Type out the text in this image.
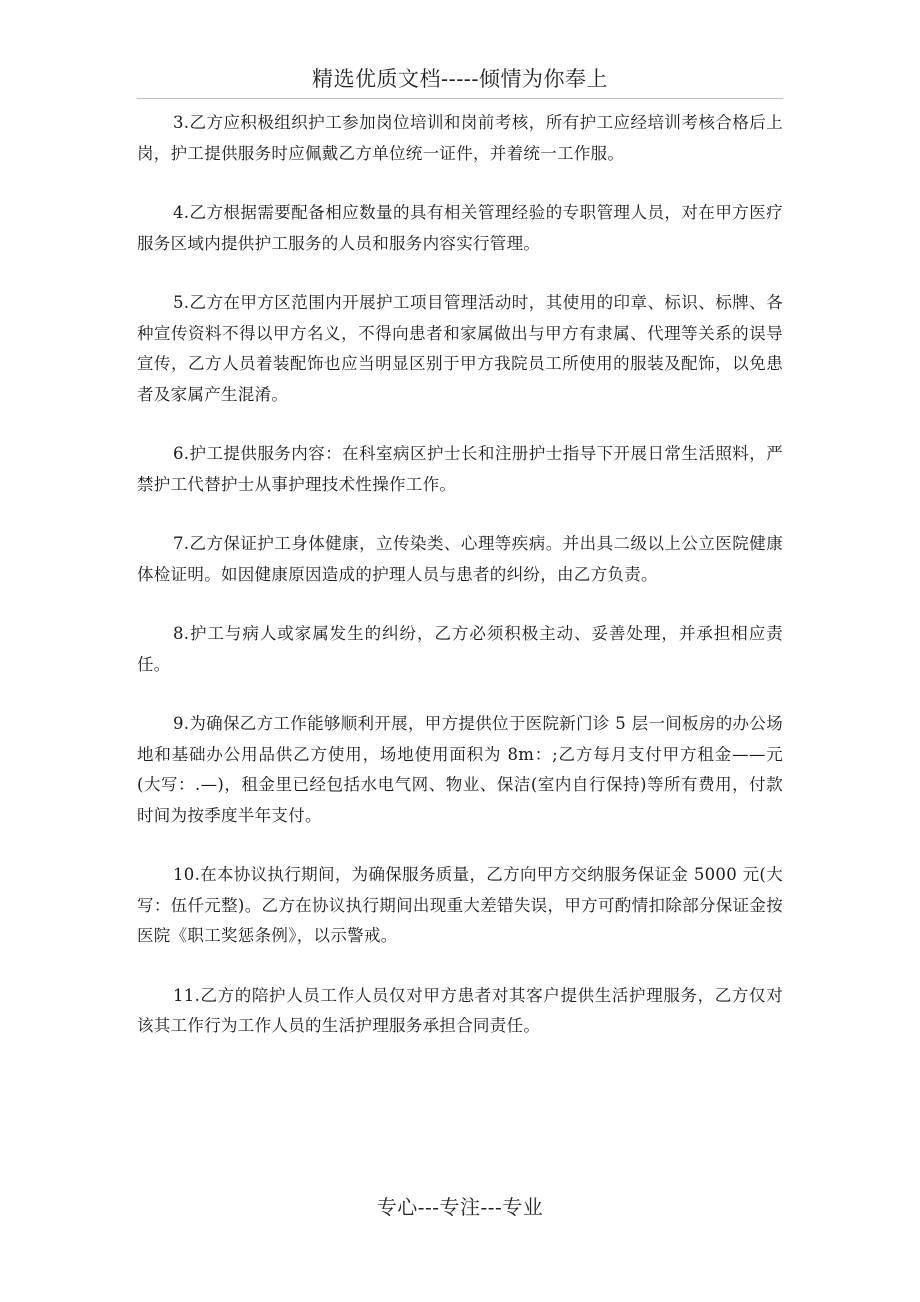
精选优质文档-----倾情为你奉上

3.乙方应积极组织护工参加岗位培训和岗前考核，所有护工应经培训考核合格后上岗，护工提供服务时应佩戴乙方单位统一证件，并着统一工作服。

4.乙方根据需要配备相应数量的具有相关管理经验的专职管理人员，对在甲方医疗服务区域内提供护工服务的人员和服务内容实行管理。

5.乙方在甲方区范围内开展护工项目管理活动时，其使用的印章、标识、标牌、各种宣传资料不得以甲方名义，不得向患者和家属做出与甲方有隶属、代理等关系的误导宣传，乙方人员着装配饰也应当明显区别于甲方我院员工所使用的服装及配饰，以免患者及家属产生混淆。

6.护工提供服务内容：在科室病区护士长和注册护士指导下开展日常生活照料，严禁护工代替护士从事护理技术性操作工作。

7.乙方保证护工身体健康，立传染类、心理等疾病。并出具二级以上公立医院健康体检证明。如因健康原因造成的护理人员与患者的纠纷，由乙方负责。

8.护工与病人或家属发生的纠纷，乙方必须积极主动、妥善处理，并承担相应责任。

9.为确保乙方工作能够顺利开展，甲方提供位于医院新门诊 5 层一间板房的办公场地和基础办公用品供乙方使用，场地使用面积为 8m：;乙方每月支付甲方租金——元(大写：.—)，租金里已经包括水电气网、物业、保洁(室内自行保持)等所有费用，付款时间为按季度半年支付。

10.在本协议执行期间，为确保服务质量，乙方向甲方交纳服务保证金 5000 元(大写：伍仟元整)。乙方在协议执行期间出现重大差错失误，甲方可酌情扣除部分保证金按医院《职工奖惩条例》，以示警戒。

11.乙方的陪护人员工作人员仅对甲方患者对其客户提供生活护理服务，乙方仅对该其工作行为工作人员的生活护理服务承担合同责任。

专心---专注---专业
